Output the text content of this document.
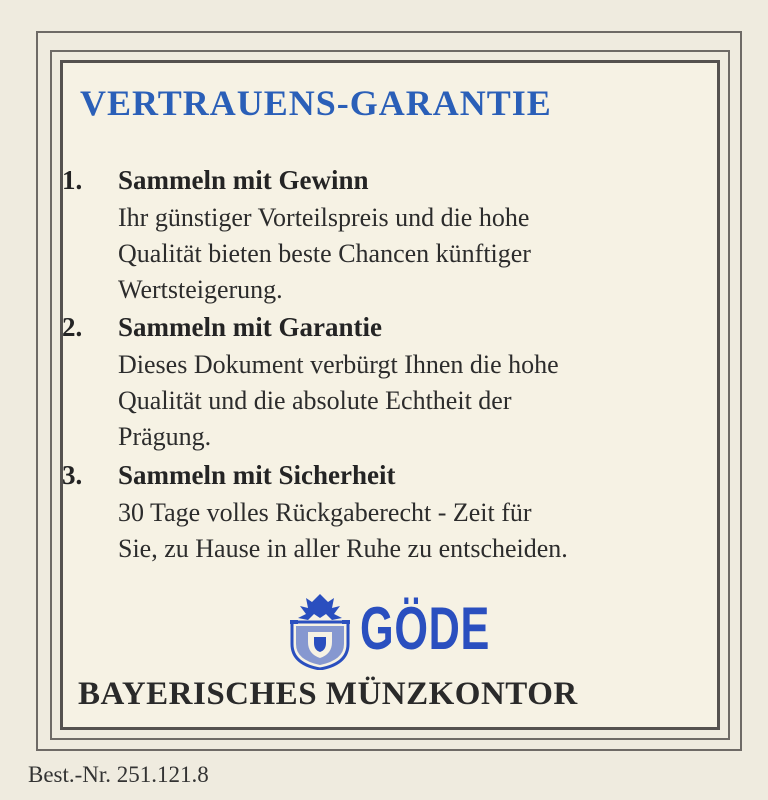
VERTRAUENS-GARANTIE
1. Sammeln mit Gewinn
Ihr günstiger Vorteilspreis und die hohe
Qualität bieten beste Chancen künftiger
Wertsteigerung.
2. Sammeln mit Garantie
Dieses Dokument verbürgt Ihnen die hohe
Qualität und die absolute Echtheit der
Prägung.
3. Sammeln mit Sicherheit
30 Tage volles Rückgaberecht - Zeit für
Sie, zu Hause in aller Ruhe zu entscheiden.
GÖDE
BAYERISCHES MÜNZKONTOR
Best.-Nr. 251.121.8
